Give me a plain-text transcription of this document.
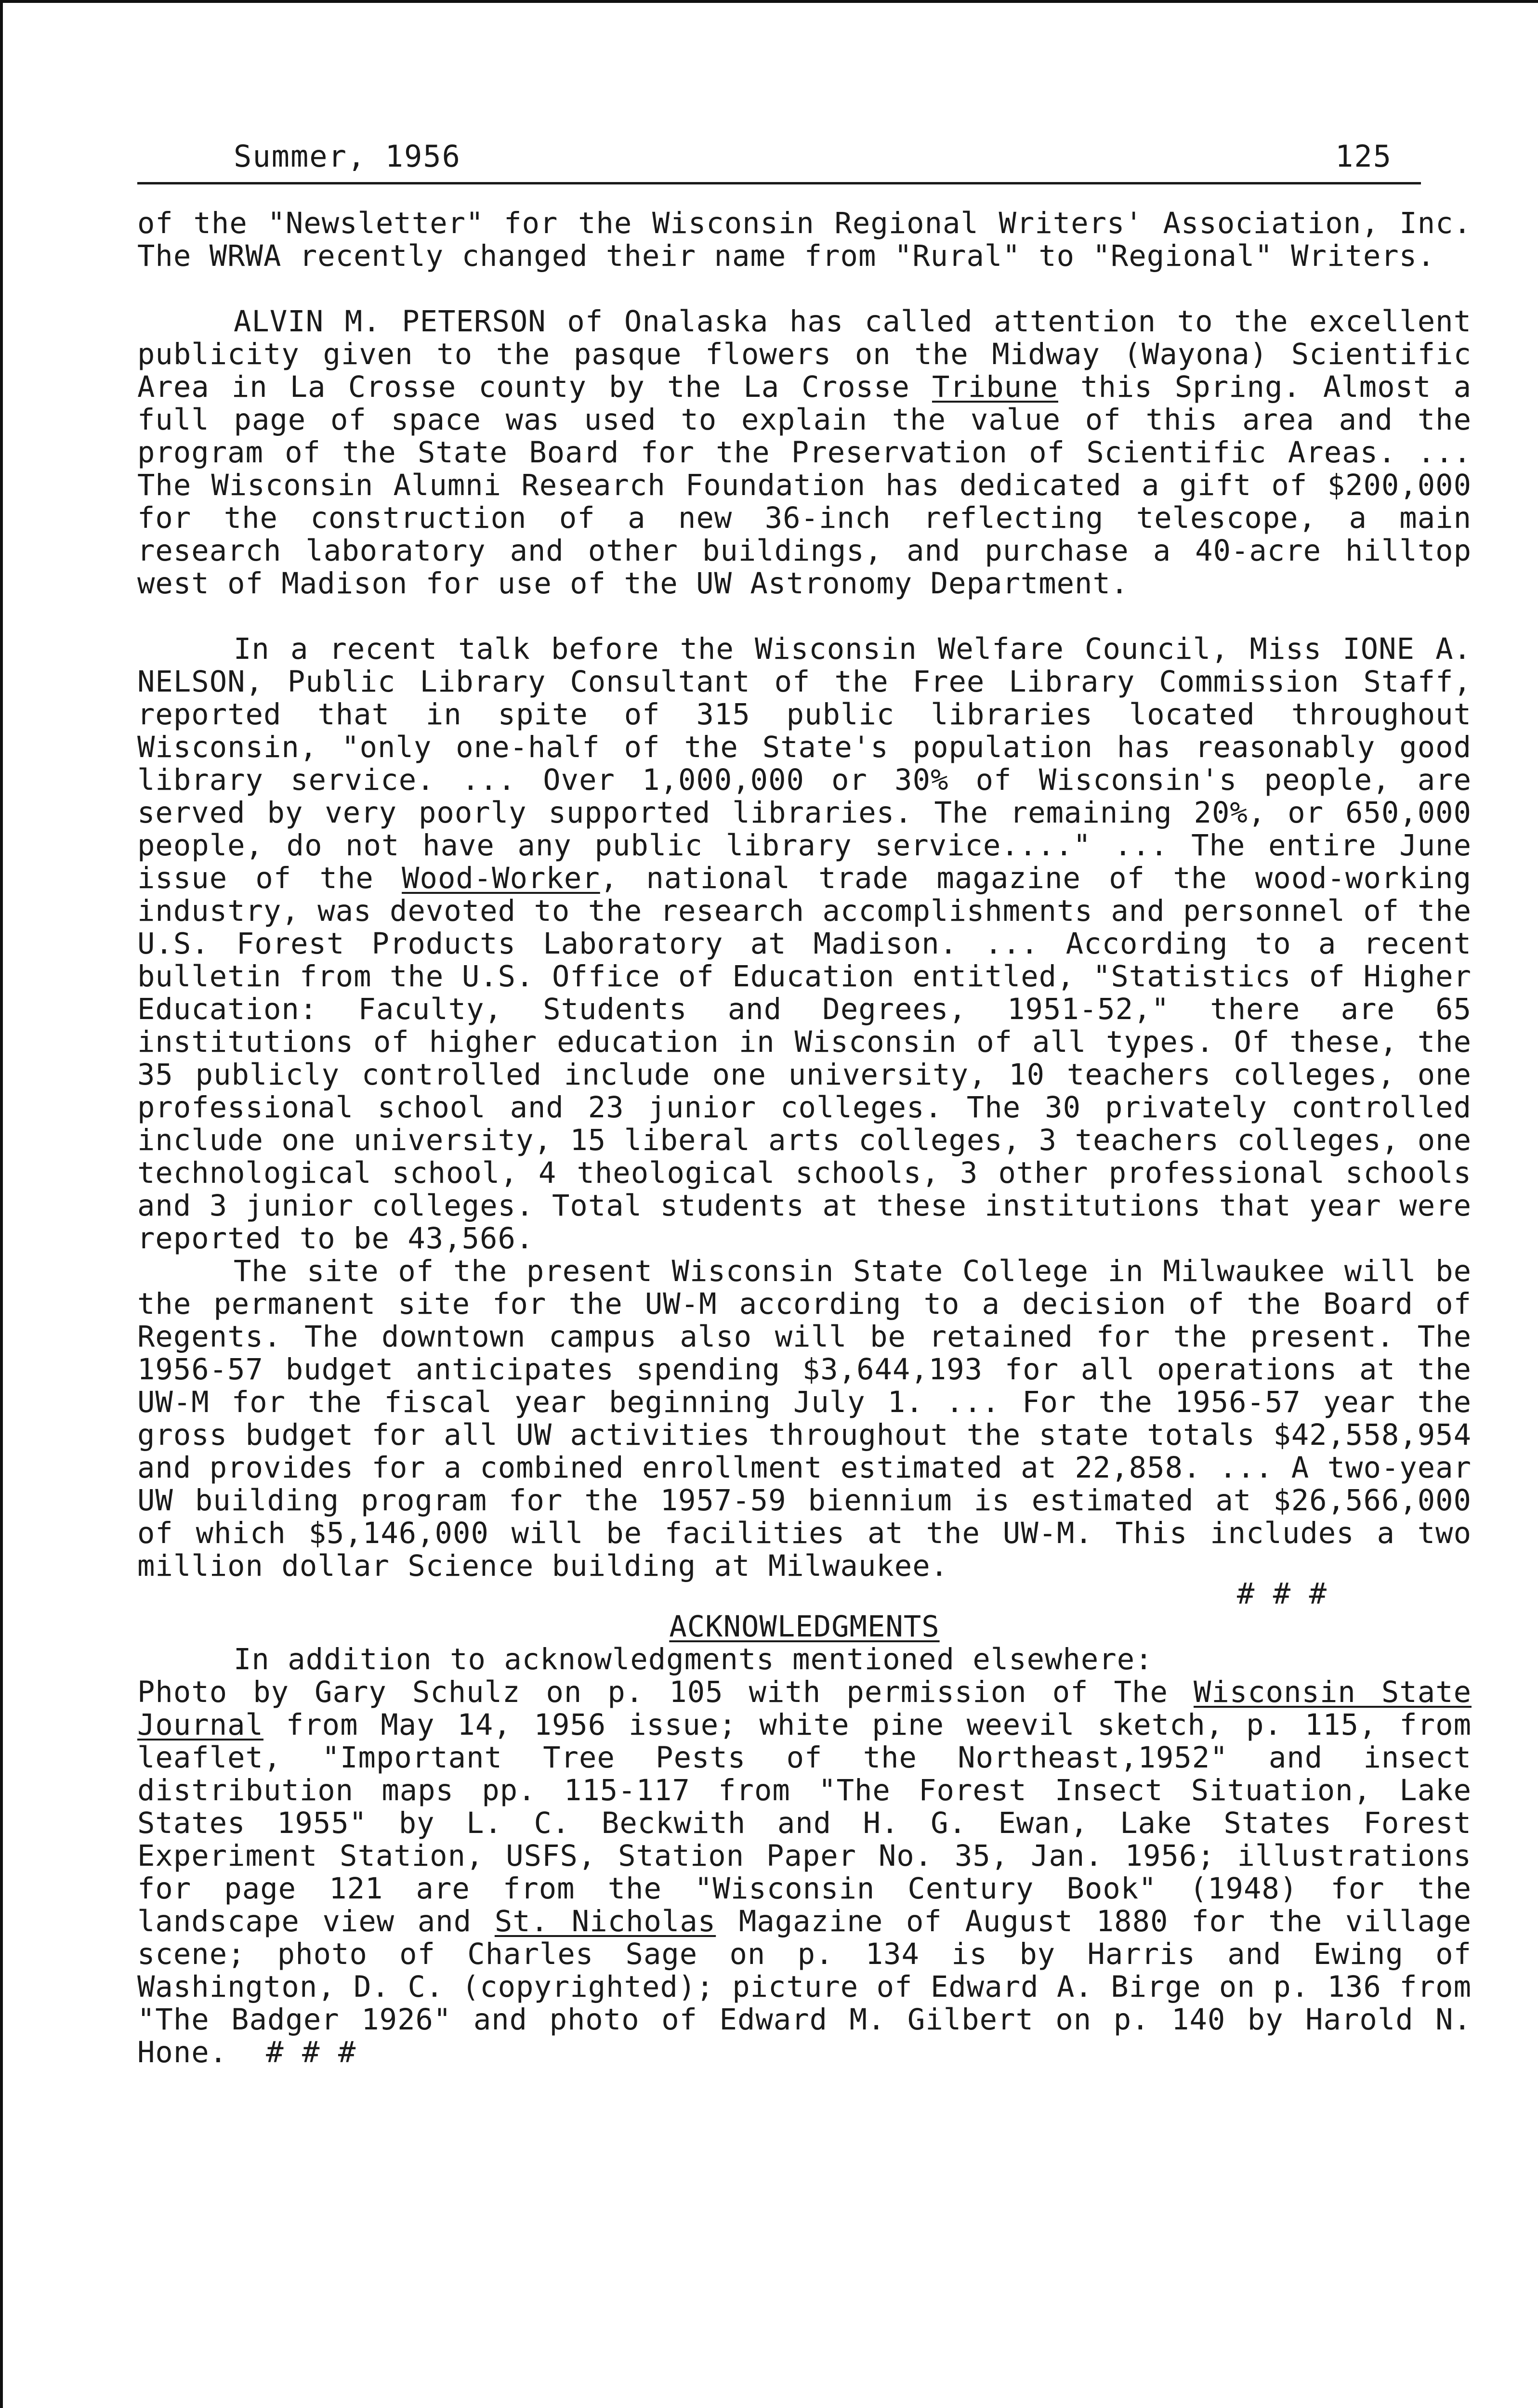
Summer, 1956	125

of the "Newsletter" for the Wisconsin Regional Writers' Association, Inc. The WRWA recently changed their name from "Rural" to "Regional" Writers.

ALVIN M. PETERSON of Onalaska has called attention to the excellent publicity given to the pasque flowers on the Midway (Wayona) Scientific Area in La Crosse county by the La Crosse Tribune this Spring. Almost a full page of space was used to explain the value of this area and the program of the State Board for the Preservation of Scientific Areas. ... The Wisconsin Alumni Research Foundation has dedicated a gift of $200,000 for the construction of a new 36-inch reflecting telescope, a main research laboratory and other buildings, and purchase a 40-acre hilltop west of Madison for use of the UW Astronomy Department.

In a recent talk before the Wisconsin Welfare Council, Miss IONE A. NELSON, Public Library Consultant of the Free Library Commission Staff, reported that in spite of 315 public libraries located throughout Wisconsin, "only one-half of the State's population has reasonably good library service. ... Over 1,000,000 or 30% of Wisconsin's people, are served by very poorly supported libraries. The remaining 20%, or 650,000 people, do not have any public library service...." ... The entire June issue of the Wood-Worker, national trade magazine of the wood-working industry, was devoted to the research accomplishments and personnel of the U.S. Forest Products Laboratory at Madison. ... According to a recent bulletin from the U.S. Office of Education entitled, "Statistics of Higher Education: Faculty, Students and Degrees, 1951-52," there are 65 institutions of higher education in Wisconsin of all types. Of these, the 35 publicly controlled include one university, 10 teachers colleges, one professional school and 23 junior colleges. The 30 privately controlled include one university, 15 liberal arts colleges, 3 teachers colleges, one technological school, 4 theological schools, 3 other professional schools and 3 junior colleges. Total students at these institutions that year were reported to be 43,566.

The site of the present Wisconsin State College in Milwaukee will be the permanent site for the UW-M according to a decision of the Board of Regents. The downtown campus also will be retained for the present. The 1956-57 budget anticipates spending $3,644,193 for all operations at the UW-M for the fiscal year beginning July 1. ... For the 1956-57 year the gross budget for all UW activities throughout the state totals $42,558,954 and provides for a combined enrollment estimated at 22,858. ... A two-year UW building program for the 1957-59 biennium is estimated at $26,566,000 of which $5,146,000 will be facilities at the UW-M. This includes a two million dollar Science building at Milwaukee.

# # #
ACKNOWLEDGMENTS

In addition to acknowledgments mentioned elsewhere:

Photo by Gary Schulz on p. 105 with permission of The Wisconsin State Journal from May 14, 1956 issue; white pine weevil sketch, p. 115, from leaflet, "Important Tree Pests of the Northeast,1952" and insect distribution maps pp. 115-117 from "The Forest Insect Situation, Lake States 1955" by L. C. Beckwith and H. G. Ewan, Lake States Forest Experiment Station, USFS, Station Paper No. 35, Jan. 1956; illustrations for page 121 are from the "Wisconsin Century Book" (1948) for the landscape view and St. Nicholas Magazine of August 1880 for the village scene; photo of Charles Sage on p. 134 is by Harris and Ewing of Washington, D. C. (copyrighted); picture of Edward A. Birge on p. 136 from "The Badger 1926" and photo of Edward M. Gilbert on p. 140 by Harold N. Hone. # # #
